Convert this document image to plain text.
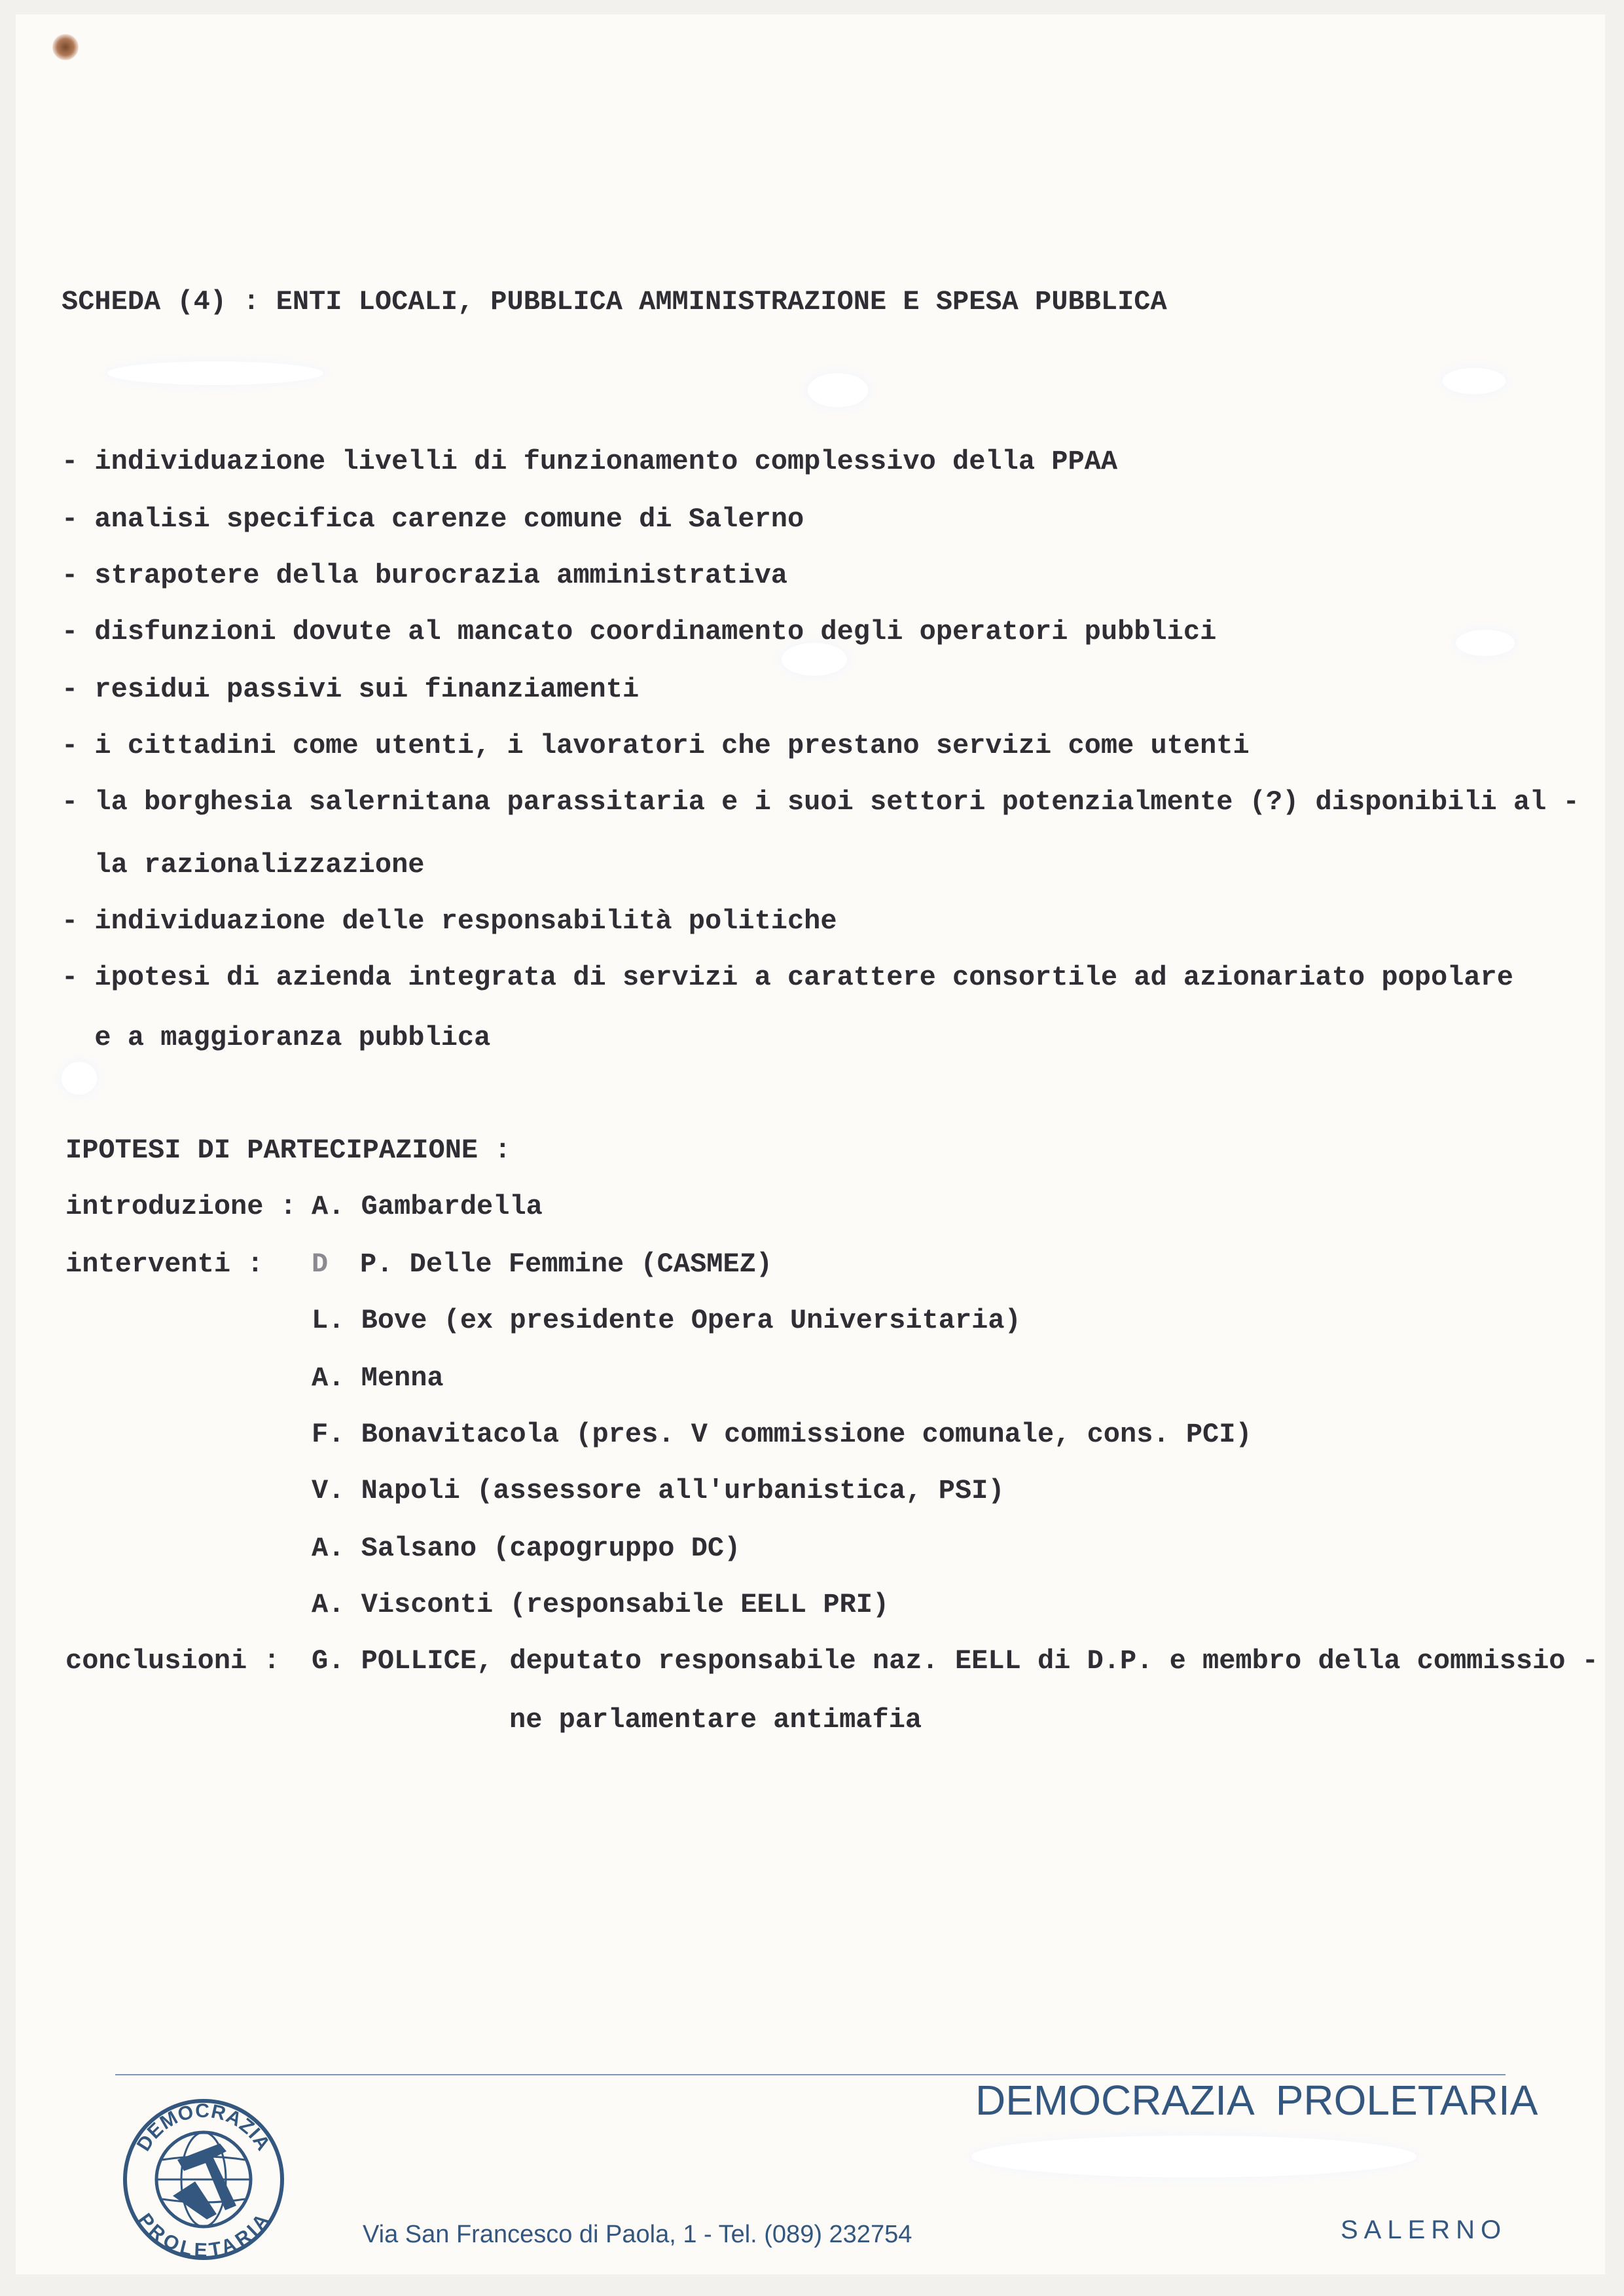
SCHEDA (4) : ENTI LOCALI, PUBBLICA AMMINISTRAZIONE E SPESA PUBBLICA

- individuazione livelli di funzionamento complessivo della PPAA

- analisi specifica carenze comune di Salerno

- strapotere della burocrazia amministrativa

- disfunzioni dovute al mancato coordinamento degli operatori pubblici

- residui passivi sui finanziamenti

- i cittadini come utenti, i lavoratori che prestano servizi come utenti

- la borghesia salernitana parassitaria e i suoi settori potenzialmente (?) disponibili al -

la razionalizzazione

- individuazione delle responsabilità politiche

- ipotesi di azienda integrata di servizi a carattere consortile ad azionariato popolare

e a maggioranza pubblica

IPOTESI DI PARTECIPAZIONE :

introduzione : A. Gambardella

interventi : D P. Delle Femmine (CASMEZ)

L. Bove (ex presidente Opera Universitaria)

A. Menna

F. Bonavitacola (pres. V commissione comunale, cons. PCI)

V. Napoli (assessore all'urbanistica, PSI)

A. Salsano (capogruppo DC)

A. Visconti (responsabile EELL PRI)

conclusioni : G. POLLICE, deputato responsabile naz. EELL di D.P. e membro della commissio -

ne parlamentare antimafia

DEMOCRAZIA
PROLETARIA

DEMOCRAZIA  PROLETARIA

Via San Francesco di Paola, 1 - Tel. (089) 232754	SALERNO
